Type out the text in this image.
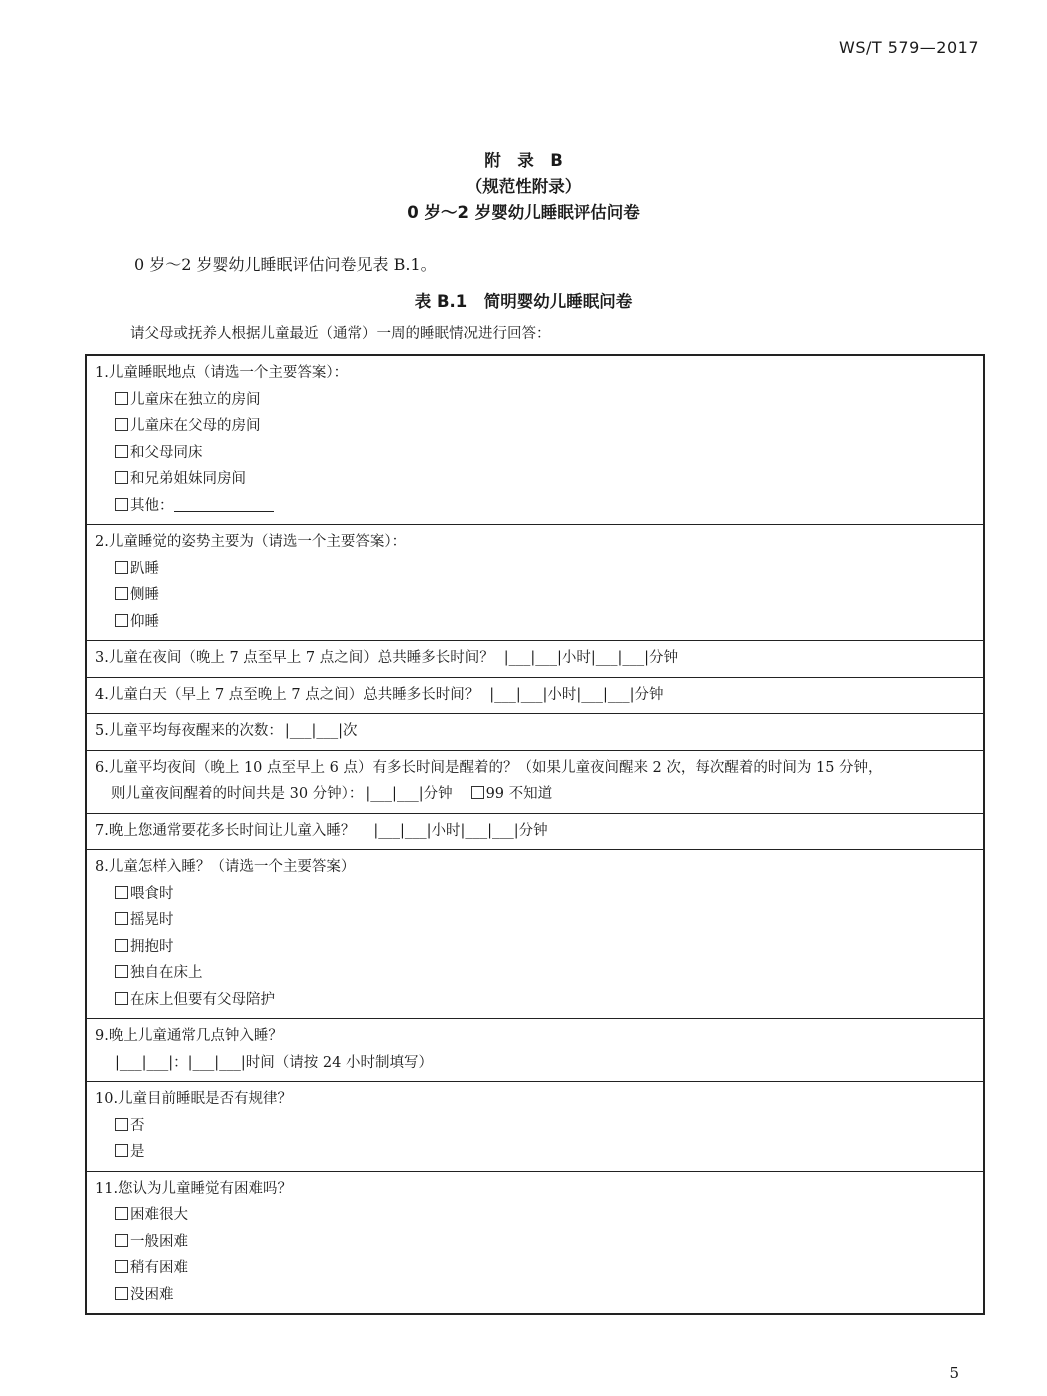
WS/T 579—2017
附　录　B
（规范性附录）
0 岁～2 岁婴幼儿睡眠评估问卷
0 岁～2 岁婴幼儿睡眠评估问卷见表 B.1。
表 B.1　简明婴幼儿睡眠问卷
请父母或抚养人根据儿童最近（通常）一周的睡眠情况进行回答：
1.儿童睡眠地点（请选一个主要答案）：
儿童床在独立的房间
儿童床在父母的房间
和父母同床
和兄弟姐妹同房间
其他：
2.儿童睡觉的姿势主要为（请选一个主要答案）：
趴睡
侧睡
仰睡
3.儿童在夜间（晚上 7 点至早上 7 点之间）总共睡多长时间？ |___|___|小时|___|___|分钟
4.儿童白天（早上 7 点至晚上 7 点之间）总共睡多长时间？ |___|___|小时|___|___|分钟
5.儿童平均每夜醒来的次数： |___|___|次
6.儿童平均夜间（晚上 10 点至早上 6 点）有多长时间是醒着的？（如果儿童夜间醒来 2 次，每次醒着的时间为 15 分钟，
则儿童夜间醒着的时间共是 30 分钟）： |___|___|分钟 99 不知道
7.晚上您通常要花多长时间让儿童入睡？ |___|___|小时|___|___|分钟
8.儿童怎样入睡？（请选一个主要答案）
喂食时
摇晃时
拥抱时
独自在床上
在床上但要有父母陪护
9.晚上儿童通常几点钟入睡？
|___|___|：|___|___|时间（请按 24 小时制填写）
10.儿童目前睡眠是否有规律？
否
是
11.您认为儿童睡觉有困难吗？
困难很大
一般困难
稍有困难
没困难
5
